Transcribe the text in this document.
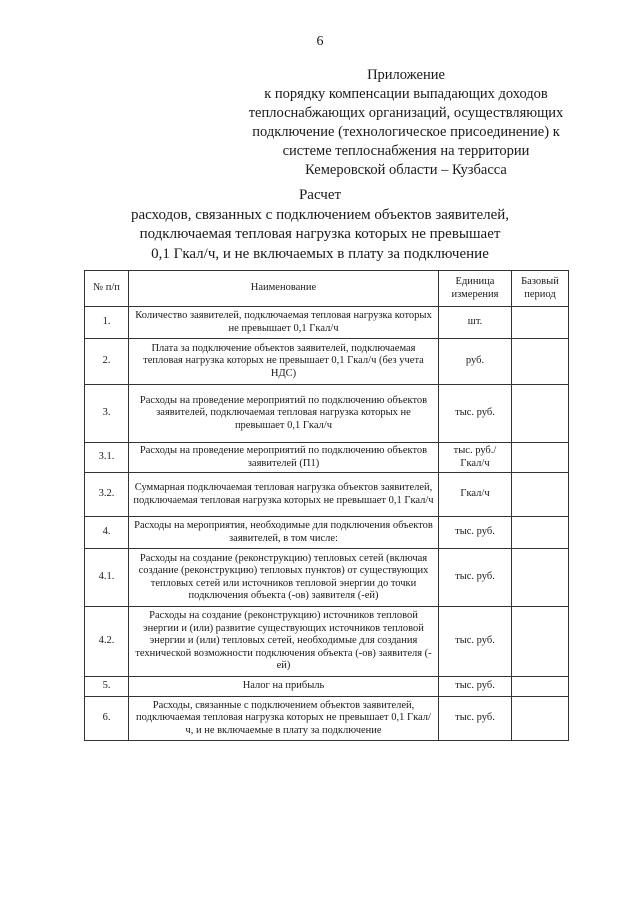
6
Приложение
к порядку компенсации выпадающих доходов
теплоснабжающих организаций, осуществляющих
подключение (технологическое присоединение) к
системе теплоснабжения на территории
Кемеровской области – Кузбасса
Расчет
расходов, связанных с подключением объектов заявителей,
подключаемая тепловая нагрузка которых не превышает
0,1 Гкал/ч, и не включаемых в плату за подключение
№ п/п	Наименование	Единица измерения	Базовый период
1.	Количество заявителей, подключаемая тепловая нагрузка которых не превышает 0,1 Гкал/ч	шт.	
2.	Плата за подключение объектов заявителей, подключаемая тепловая нагрузка которых не превышает 0,1 Гкал/ч (без учета НДС)	руб.	
3.	Расходы на проведение мероприятий по подключению объектов заявителей, подключаемая тепловая нагрузка которых не превышает 0,1 Гкал/ч	тыс. руб.	
3.1.	Расходы на проведение мероприятий по подключению объектов заявителей (П1)	тыс. руб./ Гкал/ч	
3.2.	Суммарная подключаемая тепловая нагрузка объектов заявителей, подключаемая тепловая нагрузка которых не превышает 0,1 Гкал/ч	Гкал/ч	
4.	Расходы на мероприятия, необходимые для подключения объектов заявителей, в том числе:	тыс. руб.	
4.1.	Расходы на создание (реконструкцию) тепловых сетей (включая создание (реконструкцию) тепловых пунктов) от существующих тепловых сетей или источников тепловой энергии до точки подключения объекта (-ов) заявителя (-ей)	тыс. руб.	
4.2.	Расходы на создание (реконструкцию) источников тепловой энергии и (или) развитие существующих источников тепловой энергии и (или) тепловых сетей, необходимые для создания технической возможности подключения объекта (-ов) заявителя (-ей)	тыс. руб.	
5.	Налог на прибыль	тыс. руб.	
6.	Расходы, связанные с подключением объектов заявителей, подключаемая тепловая нагрузка которых не превышает 0,1 Гкал/ч, и не включаемые в плату за подключение	тыс. руб.	
